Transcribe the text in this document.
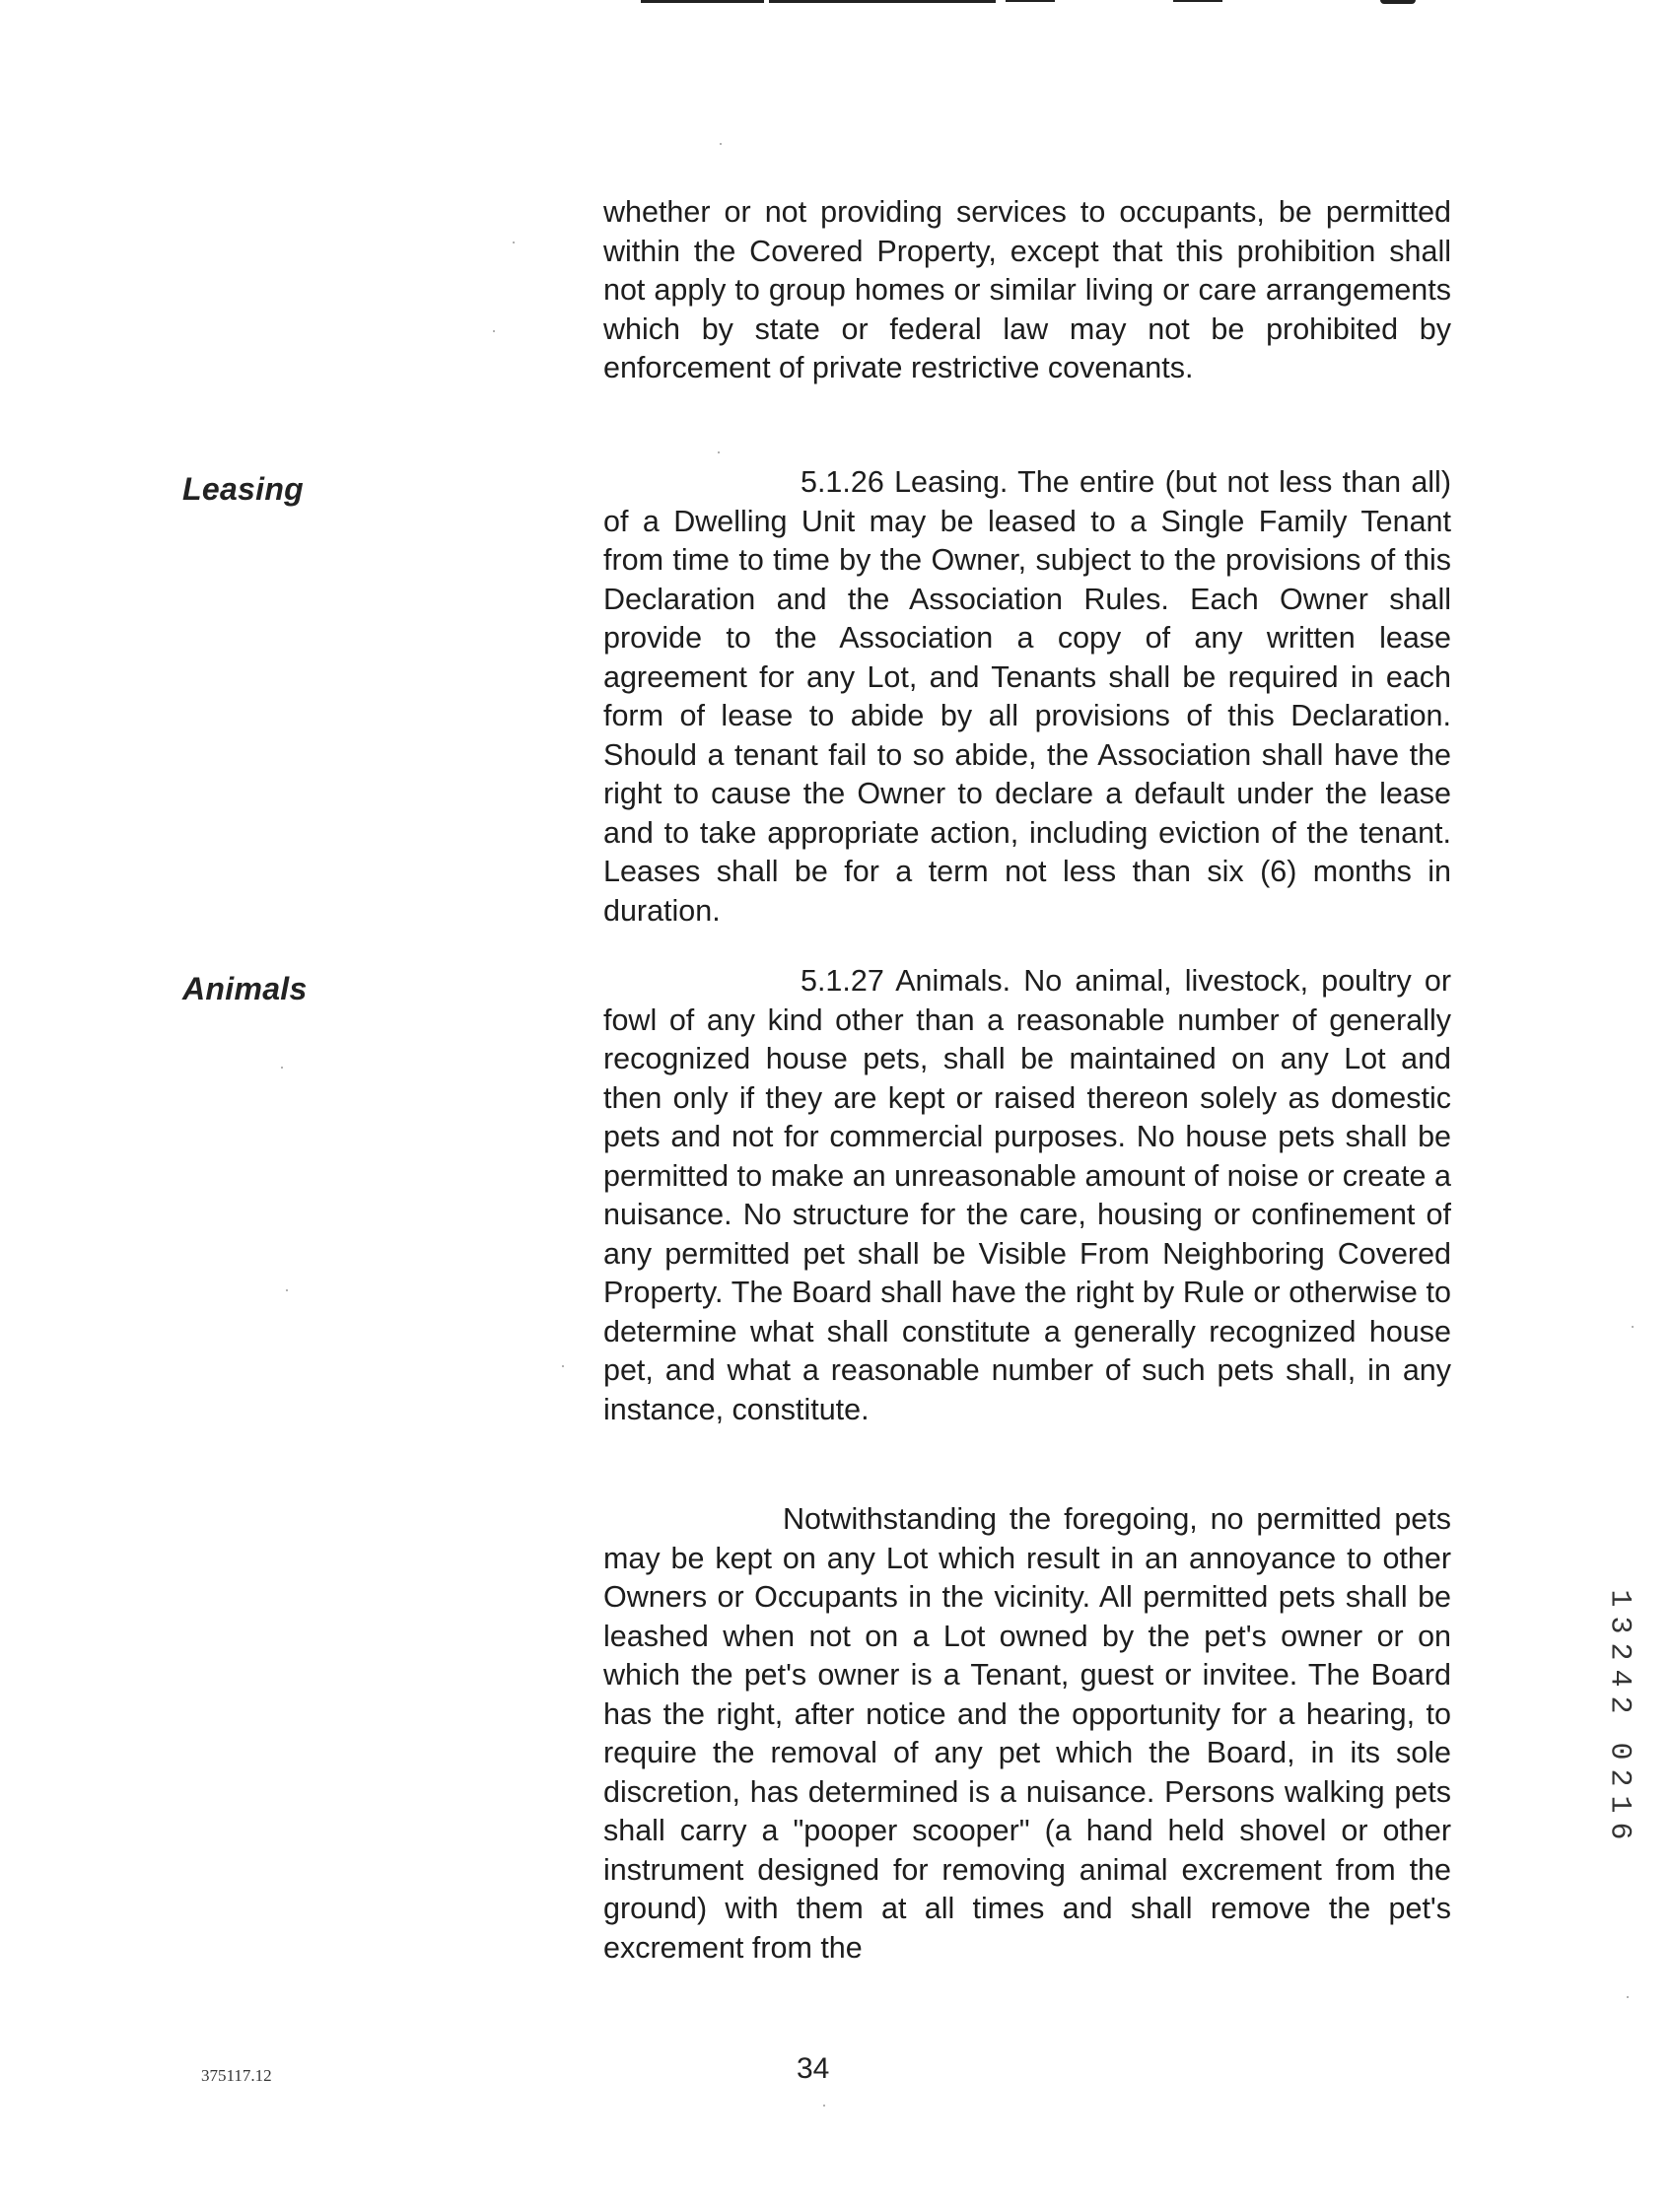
Leasing
Animals
whether or not providing services to occupants, be permitted within the Covered Property, except that this prohibition shall not apply to group homes or similar living or care arrangements which by state or federal law may not be prohibited by enforcement of private restrictive covenants.
5.1.26 Leasing. The entire (but not less than all) of a Dwelling Unit may be leased to a Single Family Tenant from time to time by the Owner, subject to the provisions of this Declaration and the Association Rules. Each Owner shall provide to the Association a copy of any written lease agreement for any Lot, and Tenants shall be required in each form of lease to abide by all provisions of this Declaration. Should a tenant fail to so abide, the Association shall have the right to cause the Owner to declare a default under the lease and to take appropriate action, including eviction of the tenant. Leases shall be for a term not less than six (6) months in duration.
5.1.27 Animals. No animal, livestock, poultry or fowl of any kind other than a reasonable number of generally recognized house pets, shall be maintained on any Lot and then only if they are kept or raised thereon solely as domestic pets and not for commercial purposes. No house pets shall be permitted to make an unreasonable amount of noise or create a nuisance. No structure for the care, housing or confinement of any permitted pet shall be Visible From Neighboring Covered Property. The Board shall have the right by Rule or otherwise to determine what shall constitute a generally recognized house pet, and what a reasonable number of such pets shall, in any instance, constitute.
Notwithstanding the foregoing, no permitted pets may be kept on any Lot which result in an annoyance to other Owners or Occupants in the vicinity. All permitted pets shall be leashed when not on a Lot owned by the pet's owner or on which the pet's owner is a Tenant, guest or invitee. The Board has the right, after notice and the opportunity for a hearing, to require the removal of any pet which the Board, in its sole discretion, has determined is a nuisance. Persons walking pets shall carry a "pooper scooper" (a hand held shovel or other instrument designed for removing animal excrement from the ground) with them at all times and shall remove the pet's excrement from the
1
3
2
4
2
0
2
1
6
375117.12	34
